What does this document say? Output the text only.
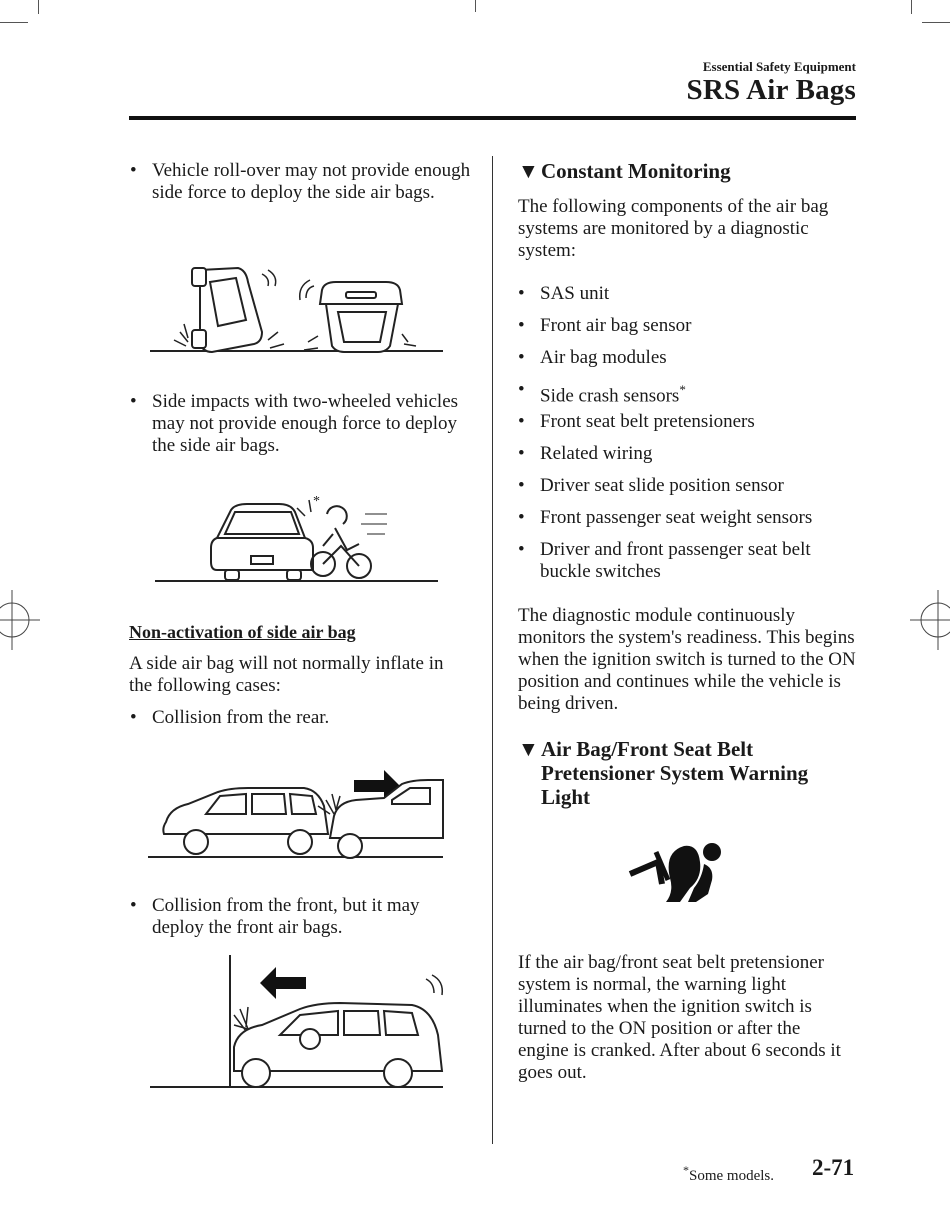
Essential Safety Equipment
SRS Air Bags
•
Vehicle roll-over may not provide enough side force to deploy the side air bags.
•
Side impacts with two-wheeled vehicles may not provide enough force to deploy the side air bags.
*
Non-activation of side air bag
A side air bag will not normally inflate in the following cases:
•
Collision from the rear.
•
Collision from the front, but it may deploy the front air bags.
▼ Constant Monitoring
The following components of the air bag systems are monitored by a diagnostic system:
•
SAS unit
•
Front air bag sensor
•
Air bag modules
•
Side crash sensors*
•
Front seat belt pretensioners
•
Related wiring
•
Driver seat slide position sensor
•
Front passenger seat weight sensors
•
Driver and front passenger seat belt buckle switches
The diagnostic module continuously monitors the system's readiness. This begins when the ignition switch is turned to the ON position and continues while the vehicle is being driven.
▼ Air Bag/Front Seat Belt Pretensioner System Warning Light
If the air bag/front seat belt pretensioner system is normal, the warning light illuminates when the ignition switch is turned to the ON position or after the engine is cranked. After about 6 seconds it goes out.
*Some models. 2-71
